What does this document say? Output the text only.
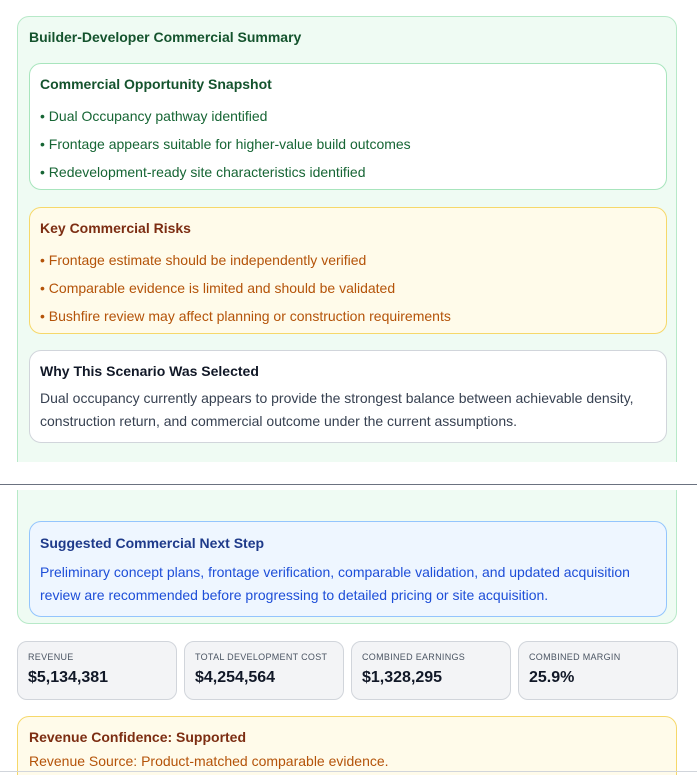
Builder-Developer Commercial Summary
Commercial Opportunity Snapshot
• Dual Occupancy pathway identified
• Frontage appears suitable for higher-value build outcomes
• Redevelopment-ready site characteristics identified
Key Commercial Risks
• Frontage estimate should be independently verified
• Comparable evidence is limited and should be validated
• Bushfire review may affect planning or construction requirements
Why This Scenario Was Selected

Dual occupancy currently appears to provide the strongest balance between achievable density, construction return, and commercial outcome under the current assumptions.

Suggested Commercial Next Step

Preliminary concept plans, frontage verification, comparable validation, and updated acquisition review are recommended before progressing to detailed pricing or site acquisition.

REVENUE
$5,134,381
TOTAL DEVELOPMENT COST
$4,254,564
COMBINED EARNINGS
$1,328,295
COMBINED MARGIN
25.9%
Revenue Confidence: Supported

Revenue Source: Product-matched comparable evidence.
